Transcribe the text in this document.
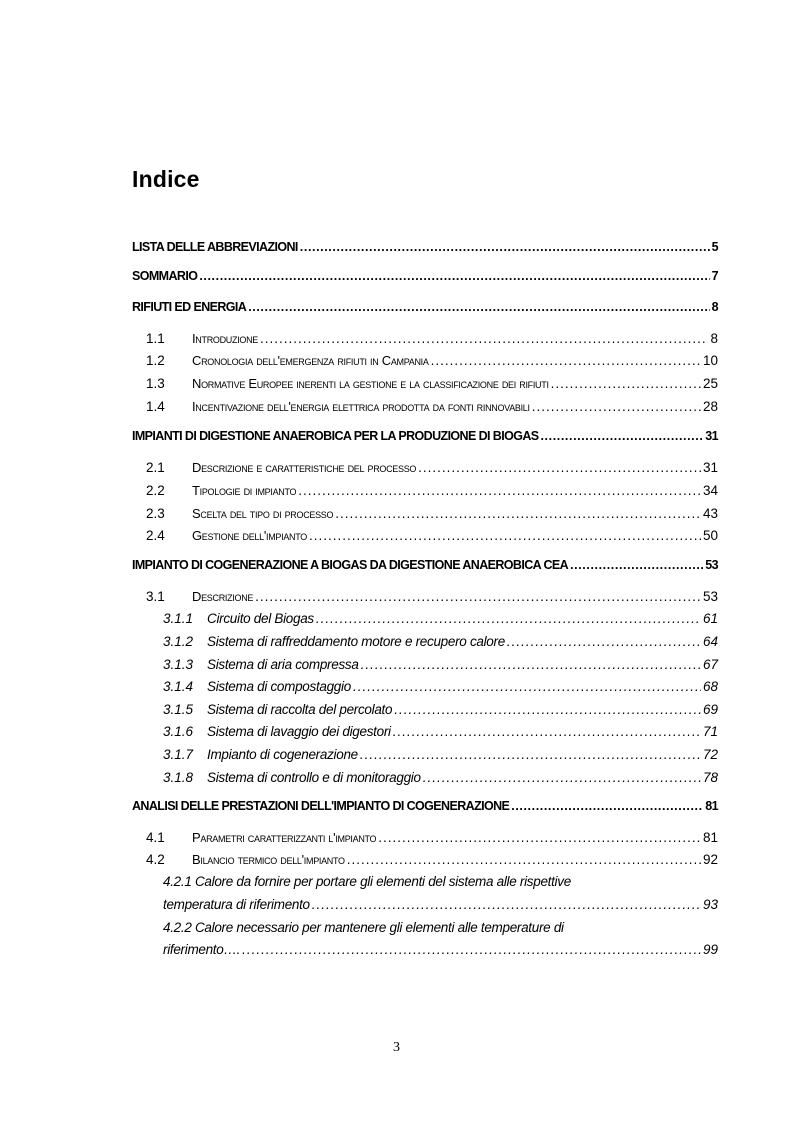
Indice
LISTA DELLE ABBREVIAZIONI .....	5
SOMMARIO .....	7
RIFIUTI ED ENERGIA .....	8
1.1	Introduzione .....	8
1.2	Cronologia dell'emergenza rifiuti in Campania .....	10
1.3	Normative Europee inerenti la gestione e la classificazione dei rifiuti .....	25
1.4	Incentivazione dell'energia elettrica prodotta da fonti rinnovabili .....	28
IMPIANTI DI DIGESTIONE ANAEROBICA PER LA PRODUZIONE DI BIOGAS .....	31
2.1	Descrizione e caratteristiche del processo .....	31
2.2	Tipologie di impianto .....	34
2.3	Scelta del tipo di processo .....	43
2.4	Gestione dell'impianto .....	50
IMPIANTO DI COGENERAZIONE A BIOGAS DA DIGESTIONE ANAEROBICA CEA .....	53
3.1	Descrizione .....	53
3.1.1	Circuito del Biogas .....	61
3.1.2	Sistema di raffreddamento motore e recupero calore .....	64
3.1.3	Sistema di aria compressa .....	67
3.1.4	Sistema di compostaggio .....	68
3.1.5	Sistema di raccolta del percolato .....	69
3.1.6	Sistema di lavaggio dei digestori .....	71
3.1.7	Impianto di cogenerazione .....	72
3.1.8	Sistema di controllo e di monitoraggio .....	78
ANALISI DELLE PRESTAZIONI DELL'IMPIANTO DI COGENERAZIONE .....	81
4.1	Parametri caratterizzanti l'impianto .....	81
4.2	Bilancio termico dell'impianto .....	92
4.2.1 Calore da fornire per portare gli elementi del sistema alle rispettive
temperatura di riferimento .....	93
4.2.2 Calore necessario per mantenere gli elementi alle temperature di
riferimento…. .....	99
3
